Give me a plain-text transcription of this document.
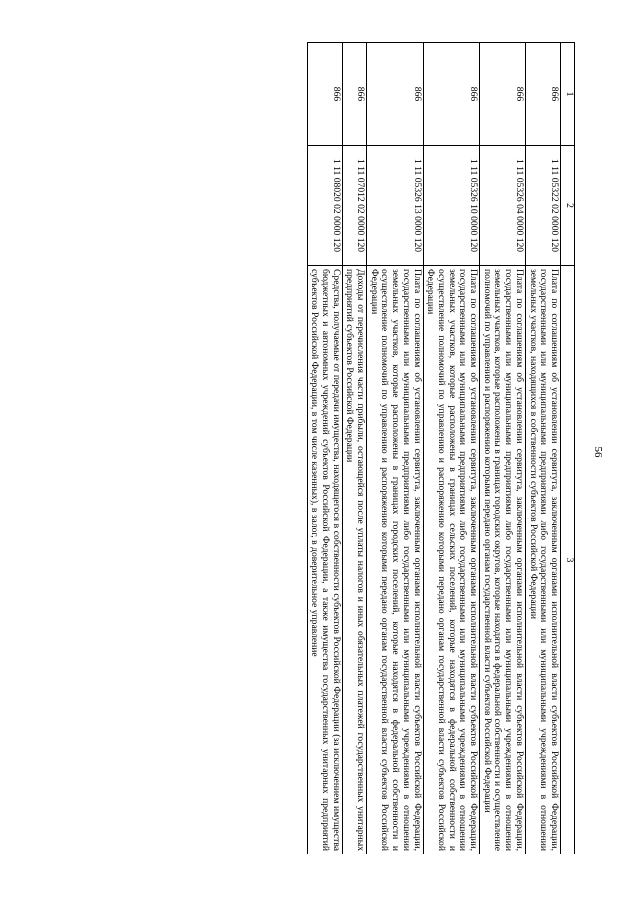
56
1	2	3
866	1 11 05322 02 0000 120	Плата по соглашениям об установлении сервитута, заключенным органами исполнительной власти субъектов Российской Федерации, государственными или муниципальными предприятиями либо государственными или муниципальными учреждениями в отношении земельных участков, находящихся в собственности субъектов Российской Федерации
866	1 11 05326 04 0000 120	Плата по соглашениям об установлении сервитута, заключенным органами исполнительной власти субъектов Российской Федерации, государственными или муниципальными предприятиями либо государственными или муниципальными учреждениями в отношении земельных участков, которые расположены в границах городских округов, которые находятся в федеральной собственности и осуществление полномочий по управлению и распоряжению которыми передано органам государственной власти субъектов Российской Федерации
866	1 11 05326 10 0000 120	Плата по соглашениям об установлении сервитута, заключенным органами исполнительной власти субъектов Российской Федерации, государственными или муниципальными предприятиями либо государственными или муниципальными учреждениями в отношении земельных участков, которые расположены в границах сельских поселений, которые находятся в федеральной собственности и осуществление полномочий по управлению и распоряжению которыми передано органам государственной власти субъектов Российской Федерации
866	1 11 05326 13 0000 120	Плата по соглашениям об установлении сервитута, заключенным органами исполнительной власти субъектов Российской Федерации, государственными или муниципальными предприятиями либо государственными или муниципальными учреждениями в отношении земельных участков, которые расположены в границах городских поселений, которые находятся в федеральной собственности и осуществление полномочий по управлению и распоряжению которыми передано органам государственной власти субъектов Российской Федерации
866	1 11 07012 02 0000 120	Доходы от перечисления части прибыли, остающейся после уплаты налогов и иных обязательных платежей государственных унитарных предприятий субъектов Российской Федерации
866	1 11 08020 02 0000 120	Средства, получаемые от передачи имущества, находящегося в собственности субъектов Российской Федерации (за исключением имущества бюджетных и автономных учреждений субъектов Российской Федерации, а также имущества государственных унитарных предприятий субъектов Российской Федерации, в том числе казенных), в залог, в доверительное управление
